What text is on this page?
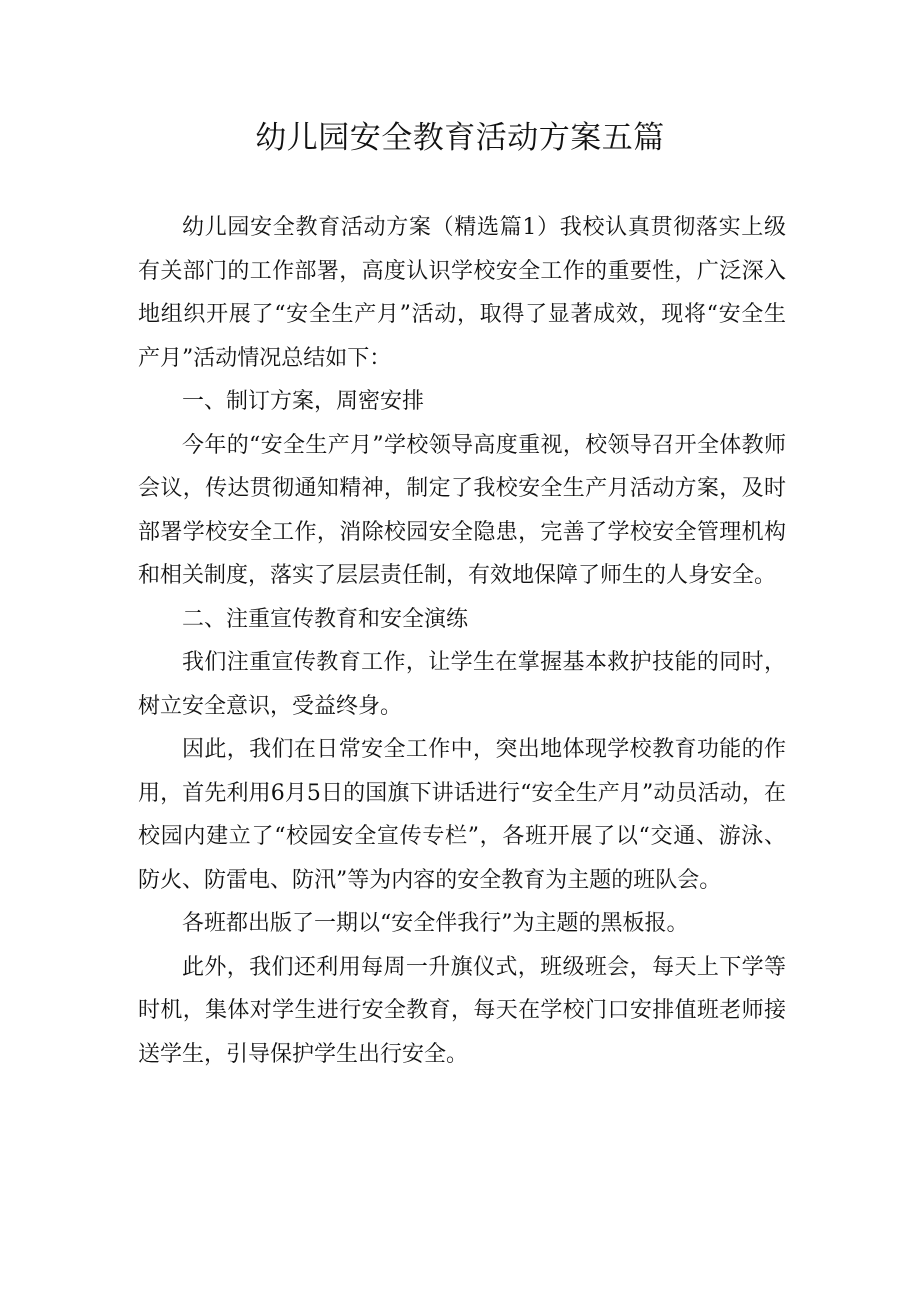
幼儿园安全教育活动方案五篇

幼儿园安全教育活动方案（精选篇1）我校认真贯彻落实上级有关部门的工作部署，高度认识学校安全工作的重要性，广泛深入地组织开展了“安全生产月”活动，取得了显著成效，现将“安全生产月”活动情况总结如下：

一、制订方案，周密安排

今年的“安全生产月”学校领导高度重视，校领导召开全体教师会议，传达贯彻通知精神，制定了我校安全生产月活动方案，及时部署学校安全工作，消除校园安全隐患，完善了学校安全管理机构和相关制度，落实了层层责任制，有效地保障了师生的人身安全。

二、注重宣传教育和安全演练

我们注重宣传教育工作，让学生在掌握基本救护技能的同时，树立安全意识，受益终身。

因此，我们在日常安全工作中，突出地体现学校教育功能的作用，首先利用6月5日的国旗下讲话进行“安全生产月”动员活动，在校园内建立了“校园安全宣传专栏”，各班开展了以“交通、游泳、防火、防雷电、防汛”等为内容的安全教育为主题的班队会。

各班都出版了一期以“安全伴我行”为主题的黑板报。

此外，我们还利用每周一升旗仪式，班级班会，每天上下学等时机，集体对学生进行安全教育，每天在学校门口安排值班老师接送学生，引导保护学生出行安全。
